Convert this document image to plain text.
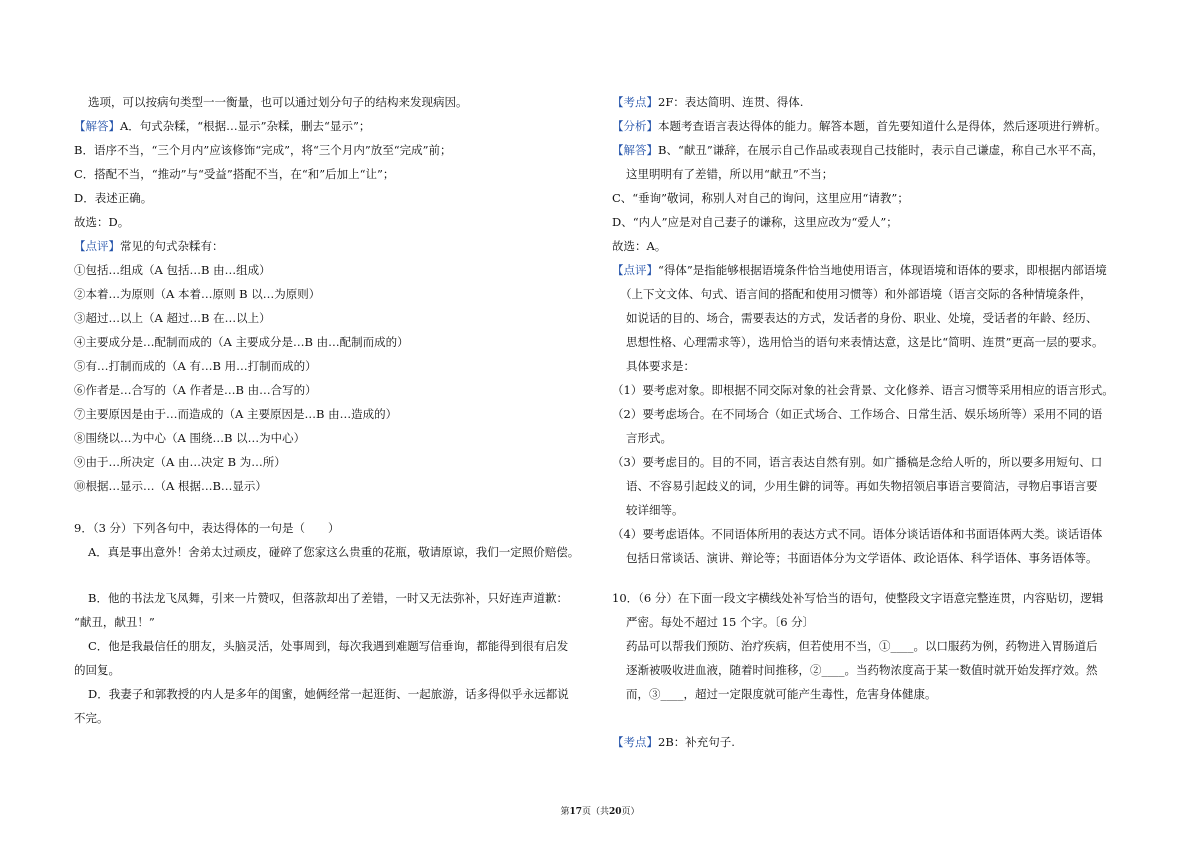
选项，可以按病句类型一一衡量，也可以通过划分句子的结构来发现病因。
【解答】A．句式杂糅，“根据…显示”杂糅，删去“显示”；
B．语序不当，“三个月内”应该修饰“完成”，将“三个月内”放至“完成”前；
C．搭配不当，“推动”与“受益”搭配不当，在“和”后加上“让”；
D．表述正确。
故选：D。
【点评】常见的句式杂糅有：
①包括…组成（A 包括…B 由…组成）
②本着…为原则（A 本着…原则 B 以…为原则）
③超过…以上（A 超过…B 在…以上）
④主要成分是…配制而成的（A 主要成分是…B 由…配制而成的）
⑤有…打制而成的（A 有…B 用…打制而成的）
⑥作者是…合写的（A 作者是…B 由…合写的）
⑦主要原因是由于…而造成的（A 主要原因是…B 由…造成的）
⑧围绕以…为中心（A 围绕…B 以…为中心）
⑨由于…所决定（A 由…决定 B 为…所）
⑩根据…显示…（A 根据…B…显示）
9．（3 分）下列各句中，表达得体的一句是（　　）
A．真是事出意外！舍弟太过顽皮，碰碎了您家这么贵重的花瓶，敬请原谅，我们一定照价赔偿。
B．他的书法龙飞凤舞，引来一片赞叹，但落款却出了差错，一时又无法弥补，只好连声道歉：
“献丑，献丑！”
C．他是我最信任的朋友，头脑灵活，处事周到，每次我遇到难题写信垂询，都能得到很有启发
的回复。
D．我妻子和郭教授的内人是多年的闺蜜，她俩经常一起逛街、一起旅游，话多得似乎永远都说
不完。
【考点】2F：表达简明、连贯、得体.
【分析】本题考查语言表达得体的能力。解答本题，首先要知道什么是得体，然后逐项进行辨析。
【解答】B、“献丑”谦辞，在展示自己作品或表现自己技能时，表示自己谦虚，称自己水平不高，
这里明明有了差错，所以用“献丑”不当；
C、“垂询”敬词，称别人对自己的询问，这里应用“请教”；
D、“内人”应是对自己妻子的谦称，这里应改为“爱人”；
故选：A。
【点评】“得体”是指能够根据语境条件恰当地使用语言，体现语境和语体的要求，即根据内部语境
（上下文文体、句式、语言间的搭配和使用习惯等）和外部语境（语言交际的各种情境条件，
如说话的目的、场合，需要表达的方式，发话者的身份、职业、处境，受话者的年龄、经历、
思想性格、心理需求等），选用恰当的语句来表情达意，这是比“简明、连贯”更高一层的要求。
具体要求是：
（1）要考虑对象。即根据不同交际对象的社会背景、文化修养、语言习惯等采用相应的语言形式。
（2）要考虑场合。在不同场合（如正式场合、工作场合、日常生活、娱乐场所等）采用不同的语
言形式。
（3）要考虑目的。目的不同，语言表达自然有别。如广播稿是念给人听的，所以要多用短句、口
语、不容易引起歧义的词，少用生僻的词等。再如失物招领启事语言要简洁，寻物启事语言要
较详细等。
（4）要考虑语体。不同语体所用的表达方式不同。语体分谈话语体和书面语体两大类。谈话语体
包括日常谈话、演讲、辩论等；书面语体分为文学语体、政论语体、科学语体、事务语体等。
10．（6 分）在下面一段文字横线处补写恰当的语句，使整段文字语意完整连贯，内容贴切，逻辑
严密。每处不超过 15 个字。〔6 分〕
药品可以帮我们预防、治疗疾病，但若使用不当，①____。以口服药为例，药物进入胃肠道后
逐渐被吸收进血液，随着时间推移，②____。当药物浓度高于某一数值时就开始发挥疗效。然
而，③____，超过一定限度就可能产生毒性，危害身体健康。
【考点】2B：补充句子.
第17页（共20页）
